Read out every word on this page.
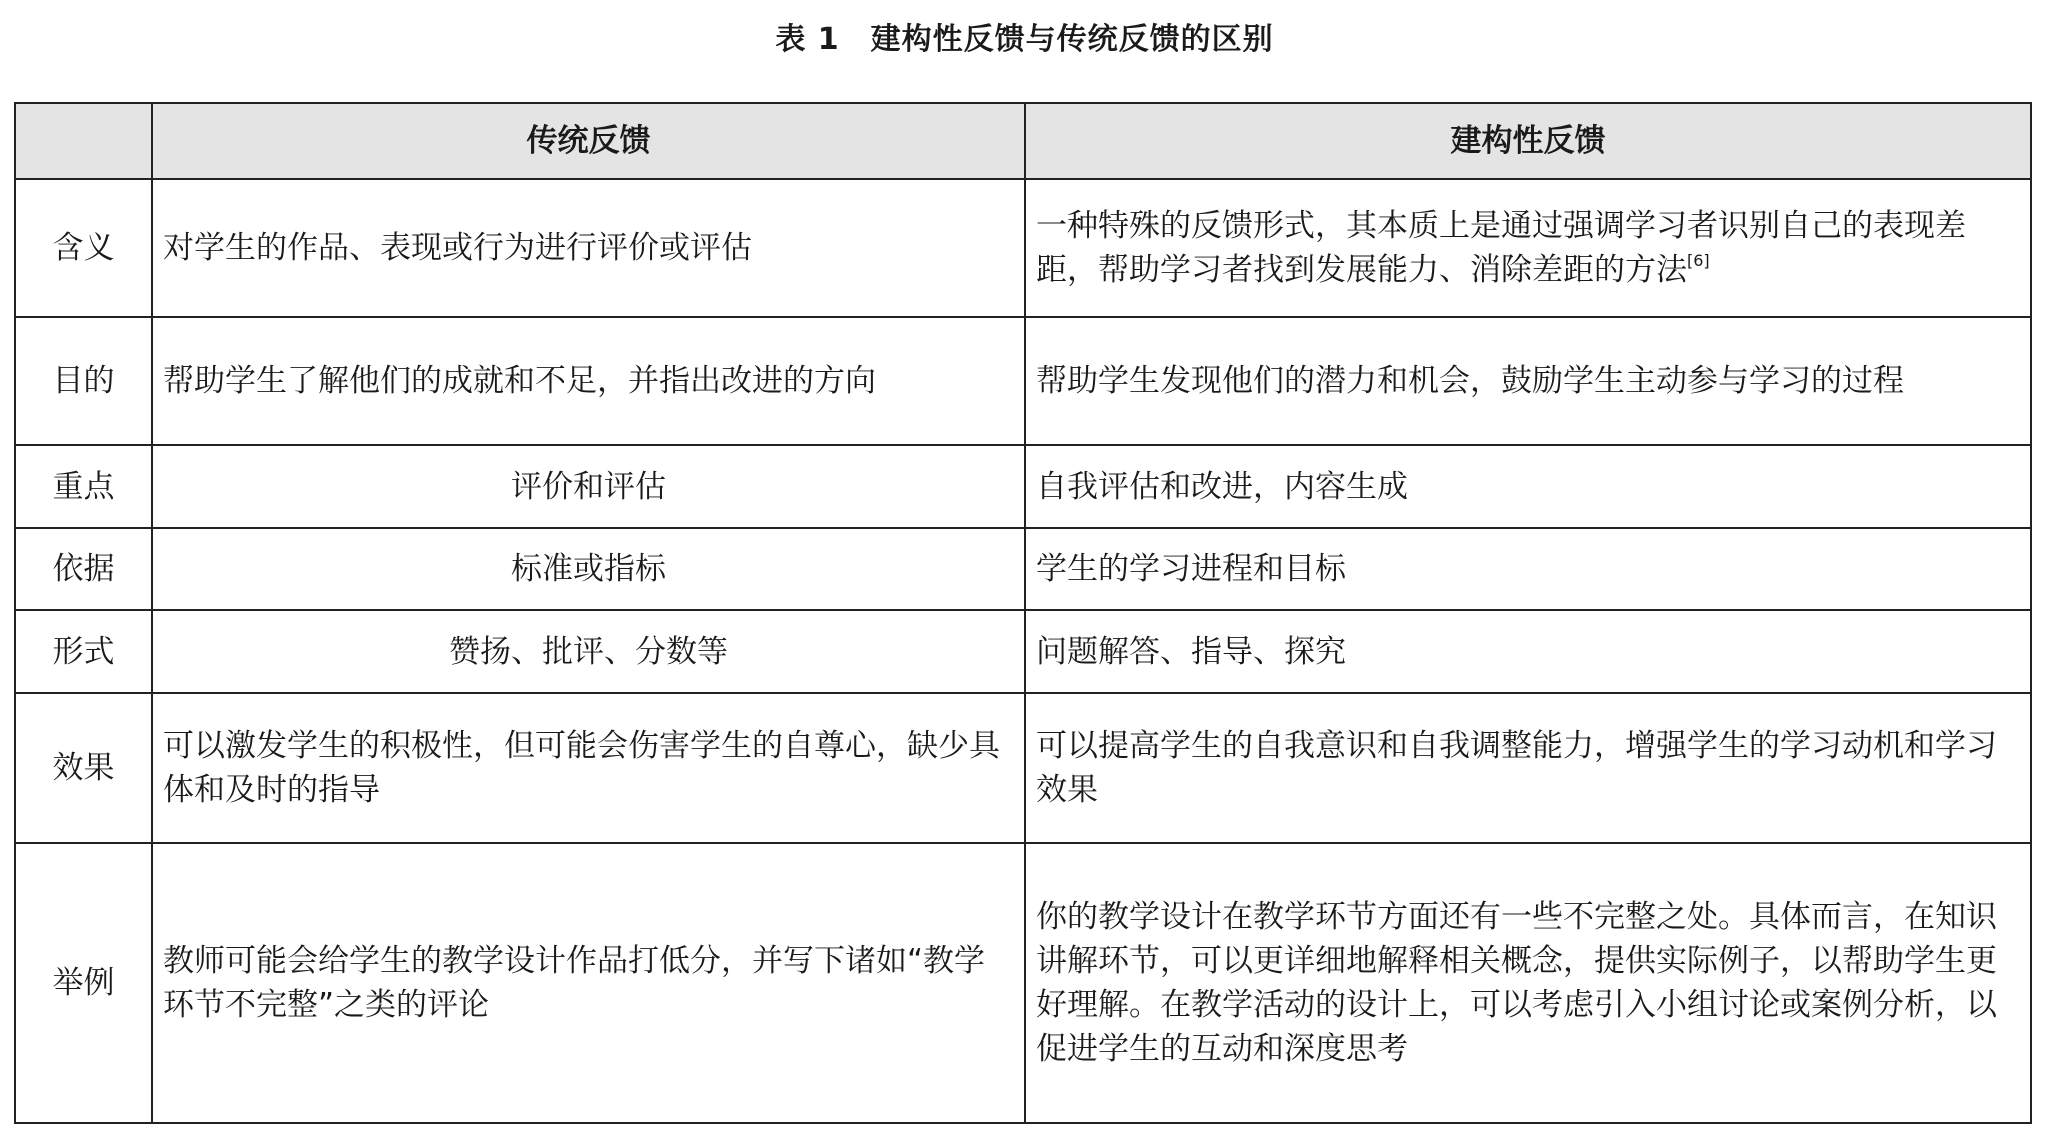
表 1　建构性反馈与传统反馈的区别
	传统反馈	建构性反馈
含义	对学生的作品、表现或行为进行评价或评估	一种特殊的反馈形式，其本质上是通过强调学习者识别自己的表现差距，帮助学习者找到发展能力、消除差距的方法[6]
目的	帮助学生了解他们的成就和不足，并指出改进的方向	帮助学生发现他们的潜力和机会，鼓励学生主动参与学习的过程
重点	评价和评估	自我评估和改进，内容生成
依据	标准或指标	学生的学习进程和目标
形式	赞扬、批评、分数等	问题解答、指导、探究
效果	可以激发学生的积极性，但可能会伤害学生的自尊心，缺少具体和及时的指导	可以提高学生的自我意识和自我调整能力，增强学生的学习动机和学习效果
举例	教师可能会给学生的教学设计作品打低分，并写下诸如“教学环节不完整”之类的评论	你的教学设计在教学环节方面还有一些不完整之处。具体而言，在知识讲解环节，可以更详细地解释相关概念，提供实际例子，以帮助学生更好理解。在教学活动的设计上，可以考虑引入小组讨论或案例分析，以促进学生的互动和深度思考
